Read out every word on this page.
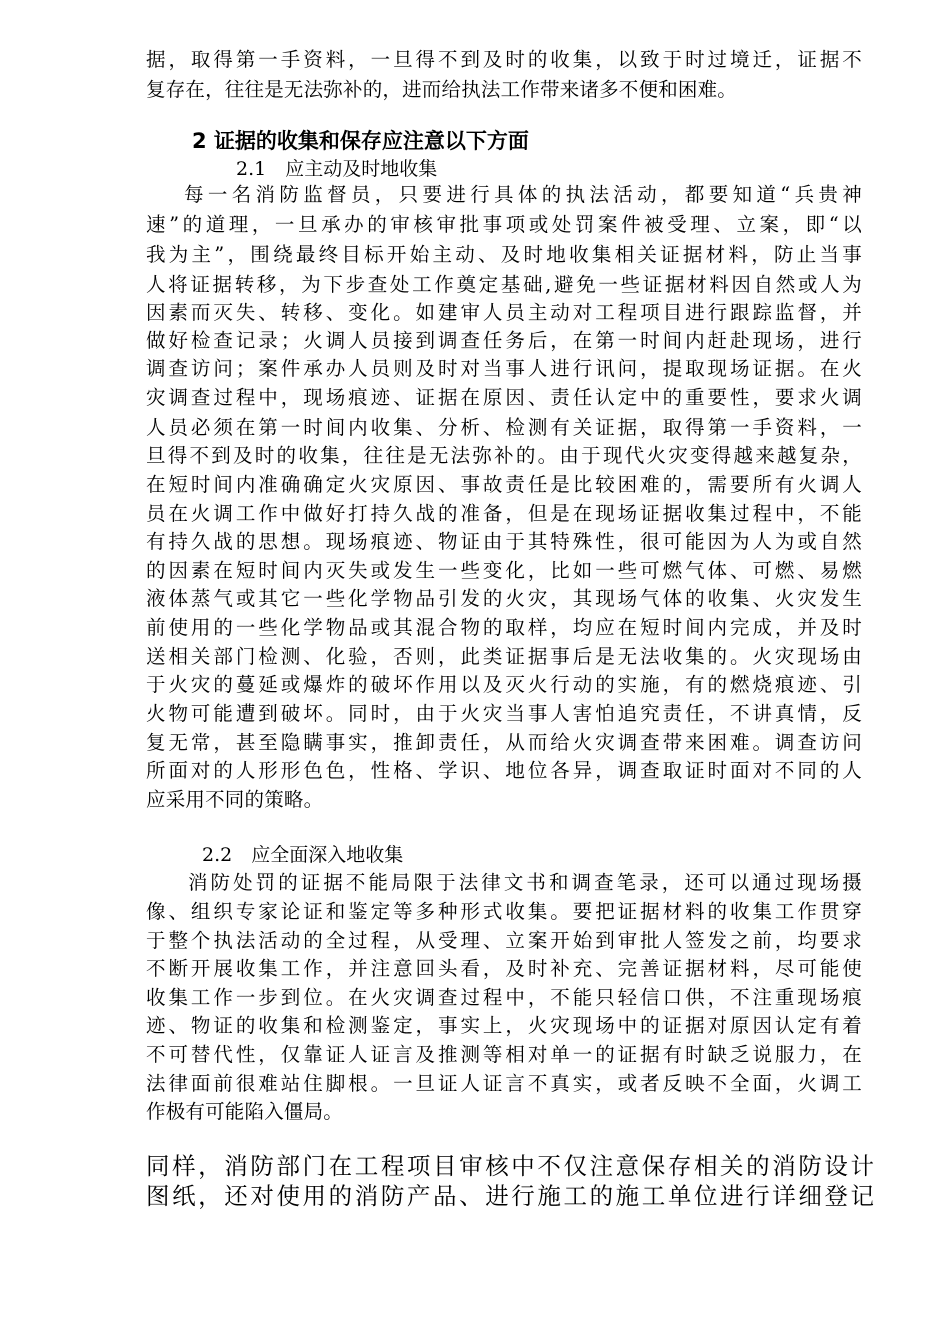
据，取得第一手资料，一旦得不到及时的收集，以致于时过境迁，证据不
复存在，往往是无法弥补的，进而给执法工作带来诸多不便和困难。
2 证据的收集和保存应注意以下方面
2.1　应主动及时地收集
每一名消防监督员，只要进行具体的执法活动，都要知道“兵贵神
速”的道理，一旦承办的审核审批事项或处罚案件被受理、立案，即“以
我为主”，围绕最终目标开始主动、及时地收集相关证据材料，防止当事
人将证据转移，为下步查处工作奠定基础,避免一些证据材料因自然或人为
因素而灭失、转移、变化。如建审人员主动对工程项目进行跟踪监督，并
做好检查记录；火调人员接到调查任务后，在第一时间内赶赴现场，进行
调查访问；案件承办人员则及时对当事人进行讯问，提取现场证据。在火
灾调查过程中，现场痕迹、证据在原因、责任认定中的重要性，要求火调
人员必须在第一时间内收集、分析、检测有关证据，取得第一手资料，一
旦得不到及时的收集，往往是无法弥补的。由于现代火灾变得越来越复杂，
在短时间内准确确定火灾原因、事故责任是比较困难的，需要所有火调人
员在火调工作中做好打持久战的准备，但是在现场证据收集过程中，不能
有持久战的思想。现场痕迹、物证由于其特殊性，很可能因为人为或自然
的因素在短时间内灭失或发生一些变化，比如一些可燃气体、可燃、易燃
液体蒸气或其它一些化学物品引发的火灾，其现场气体的收集、火灾发生
前使用的一些化学物品或其混合物的取样，均应在短时间内完成，并及时
送相关部门检测、化验，否则，此类证据事后是无法收集的。火灾现场由
于火灾的蔓延或爆炸的破坏作用以及灭火行动的实施，有的燃烧痕迹、引
火物可能遭到破坏。同时，由于火灾当事人害怕追究责任，不讲真情，反
复无常，甚至隐瞒事实，推卸责任，从而给火灾调查带来困难。调查访问
所面对的人形形色色，性格、学识、地位各异，调查取证时面对不同的人
应采用不同的策略。
2.2　应全面深入地收集
消防处罚的证据不能局限于法律文书和调查笔录，还可以通过现场摄
像、组织专家论证和鉴定等多种形式收集。要把证据材料的收集工作贯穿
于整个执法活动的全过程，从受理、立案开始到审批人签发之前，均要求
不断开展收集工作，并注意回头看，及时补充、完善证据材料，尽可能使
收集工作一步到位。在火灾调查过程中，不能只轻信口供，不注重现场痕
迹、物证的收集和检测鉴定，事实上，火灾现场中的证据对原因认定有着
不可替代性，仅靠证人证言及推测等相对单一的证据有时缺乏说服力，在
法律面前很难站住脚根。一旦证人证言不真实，或者反映不全面，火调工
作极有可能陷入僵局。
同样，消防部门在工程项目审核中不仅注意保存相关的消防设计
图纸，还对使用的消防产品、进行施工的施工单位进行详细登记
